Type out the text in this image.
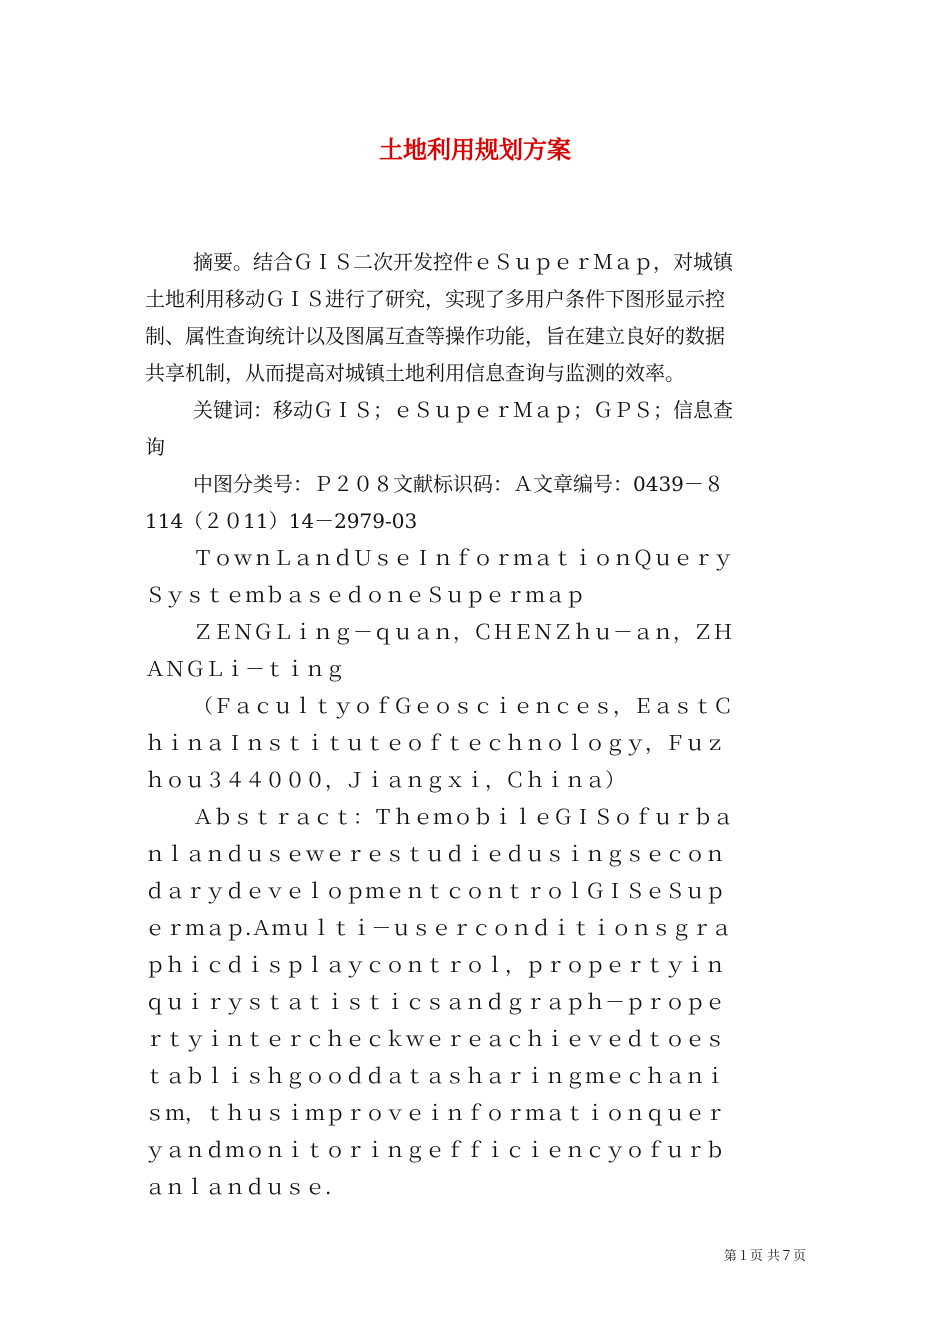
土地利用规划方案
摘要。结合ＧＩＳ二次开发控件ｅＳｕｐｅｒＭａｐ，对城镇
土地利用移动ＧＩＳ进行了研究，实现了多用户条件下图形显示控
制、属性查询统计以及图属互查等操作功能，旨在建立良好的数据
共享机制，从而提高对城镇土地利用信息查询与监测的效率。
关键词：移动ＧＩＳ；ｅＳｕｐｅｒＭａｐ；ＧＰＳ；信息查
询
中图分类号：Ｐ２０８文献标识码：Ａ文章编号：0439－８
114（２０11）14－2979-03
ＴｏｗｎＬａｎｄＵｓｅＩｎｆｏｒｍａｔｉｏｎＱｕｅｒｙ
ＳｙｓｔｅｍｂａｓｅｄｏｎｅＳｕｐｅｒｍａｐ
ＺＥＮＧＬｉｎｇ－ｑｕａｎ，ＣＨＥＮＺｈｕ－ａｎ，ＺＨ
ＡＮＧＬｉ－ｔｉｎｇ
（ＦａｃｕｌｔｙｏｆＧｅｏｓｃｉｅｎｃｅｓ，ＥａｓｔＣ
ｈｉｎａＩｎｓｔｉｔｕｔｅｏｆｔｅｃｈｎｏｌｏｇｙ，Ｆｕｚ
ｈｏｕ３４４０００，Ｊｉａｎｇｘｉ，Ｃｈｉｎａ）
Ａｂｓｔｒａｃｔ：ＴｈｅｍｏｂｉｌｅＧＩＳｏｆｕｒｂａ
ｎｌａｎｄｕｓｅｗｅｒｅｓｔｕｄｉｅｄｕｓｉｎｇｓｅｃｏｎ
ｄａｒｙｄｅｖｅｌｏｐｍｅｎｔｃｏｎｔｒｏｌＧＩＳｅＳｕｐ
ｅｒｍａｐ.Ａｍｕｌｔｉ－ｕｓｅｒｃｏｎｄｉｔｉｏｎｓｇｒａ
ｐｈｉｃｄｉｓｐｌａｙｃｏｎｔｒｏｌ，ｐｒｏｐｅｒｔｙｉｎ
ｑｕｉｒｙｓｔａｔｉｓｔｉｃｓａｎｄｇｒａｐｈ－ｐｒｏｐｅ
ｒｔｙｉｎｔｅｒｃｈｅｃｋｗｅｒｅａｃｈｉｅｖｅｄｔｏｅｓ
ｔａｂｌｉｓｈｇｏｏｄｄａｔａｓｈａｒｉｎｇｍｅｃｈａｎｉ
ｓｍ，ｔｈｕｓｉｍｐｒｏｖｅｉｎｆｏｒｍａｔｉｏｎｑｕｅｒ
ｙａｎｄｍｏｎｉｔｏｒｉｎｇｅｆｆｉｃｉｅｎｃｙｏｆｕｒｂ
ａｎｌａｎｄｕｓｅ.
第１页 共７页
